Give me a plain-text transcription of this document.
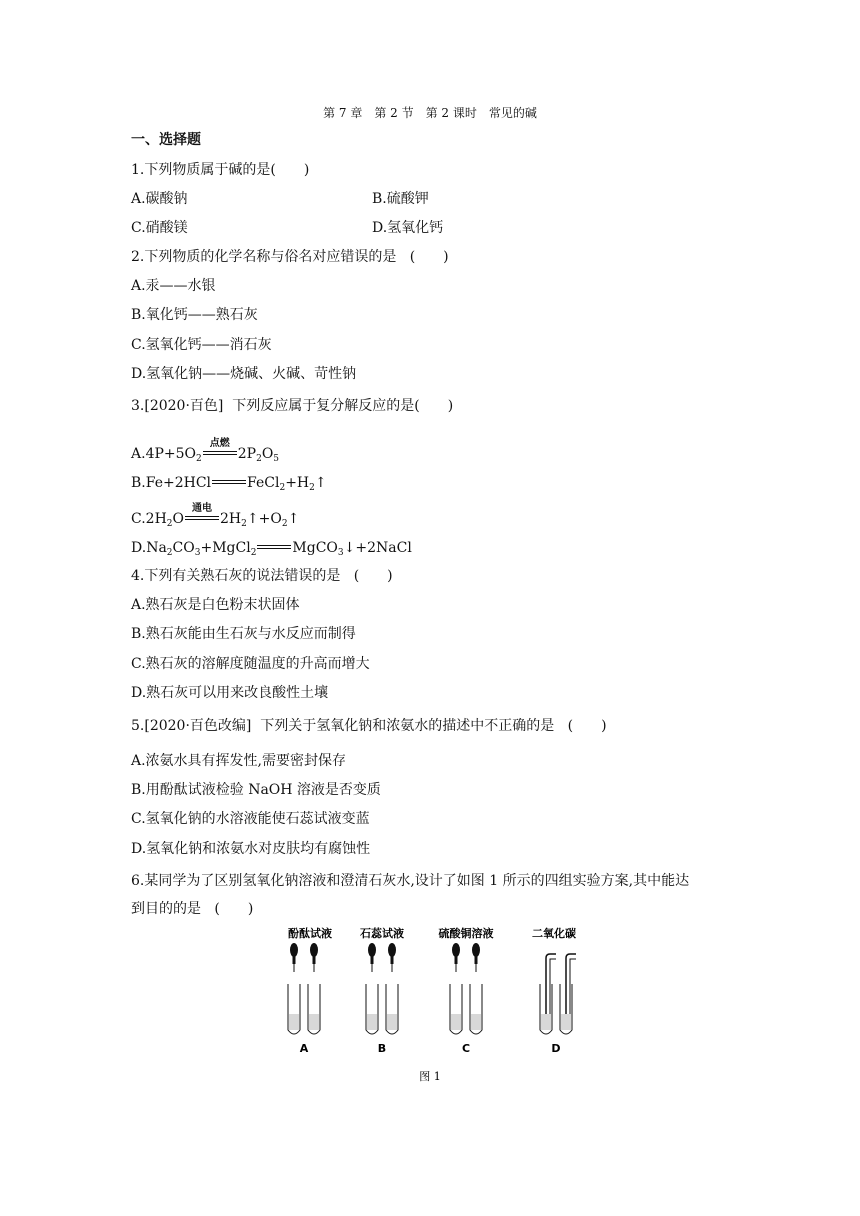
第 7 章　第 2 节　第 2 课时　常见的碱
一、选择题
1.下列物质属于碱的是(　　)
A.碳酸钠	B.硫酸钾
C.硝酸镁	D.氢氧化钙
2.下列物质的化学名称与俗名对应错误的是 (　　)
A.汞——水银
B.氧化钙——熟石灰
C.氢氧化钙——消石灰
D.氢氧化钠——烧碱、火碱、苛性钠
3.[2020·百色] 下列反应属于复分解反应的是(　　)
$A.4P+5O_2$
点燃
$2P_2O_5$
B.Fe+2HCl	$FeCl_2+H_2↑$
$C.2H_2O$
通电
$2H_2↑+O_2↑$
$D.Na_2CO_3+MgCl_2$	MgCO$_3$↓+2NaCl
4.下列有关熟石灰的说法错误的是 (　　)
A.熟石灰是白色粉末状固体
B.熟石灰能由生石灰与水反应而制得
C.熟石灰的溶解度随温度的升高而增大
D.熟石灰可以用来改良酸性土壤
5.[2020·百色改编] 下列关于氢氧化钠和浓氨水的描述中不正确的是 (　　)
A.浓氨水具有挥发性,需要密封保存
B.用酚酞试液检验 NaOH 溶液是否变质
C.氢氧化钠的水溶液能使石蕊试液变蓝
D.氢氧化钠和浓氨水对皮肤均有腐蚀性
6.某同学为了区别氢氧化钠溶液和澄清石灰水,设计了如图 1 所示的四组实验方案,其中能达
到目的的是 (　　)
酚酞试液	石蕊试液	硫酸铜溶液	二氧化碳
A	B	C	D
图 1
